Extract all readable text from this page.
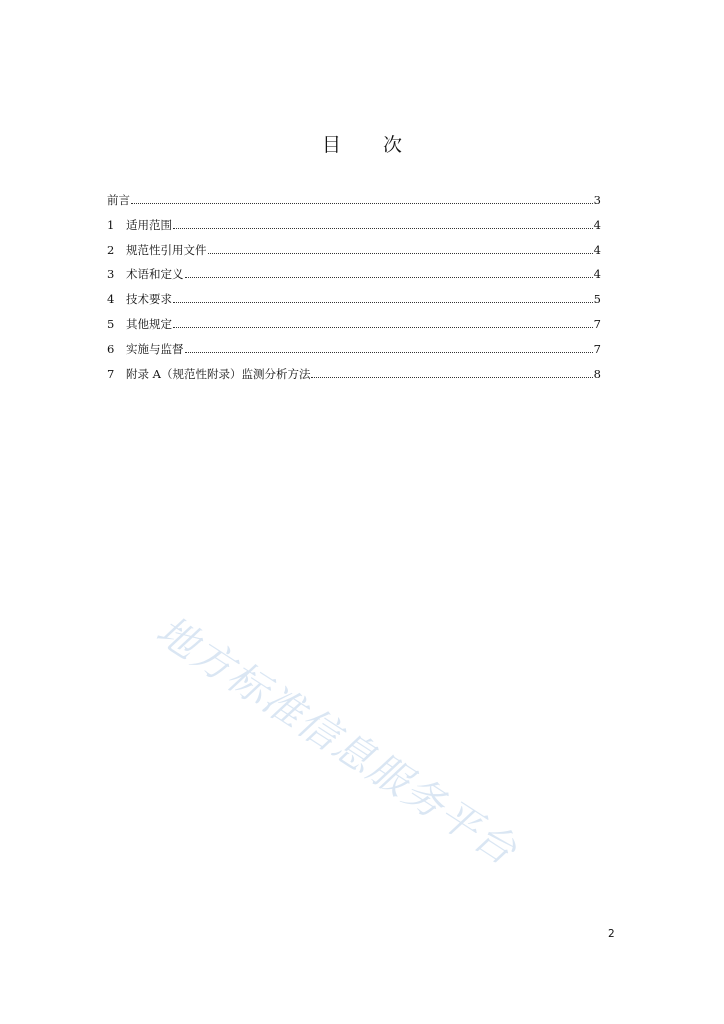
目 次
前言	3
1	适用范围	4
2	规范性引用文件	4
3	术语和定义	4
4	技术要求	5
5	其他规定	7
6	实施与监督	7
7	附录 A（规范性附录）监测分析方法	8
地方标准信息服务平台
2
